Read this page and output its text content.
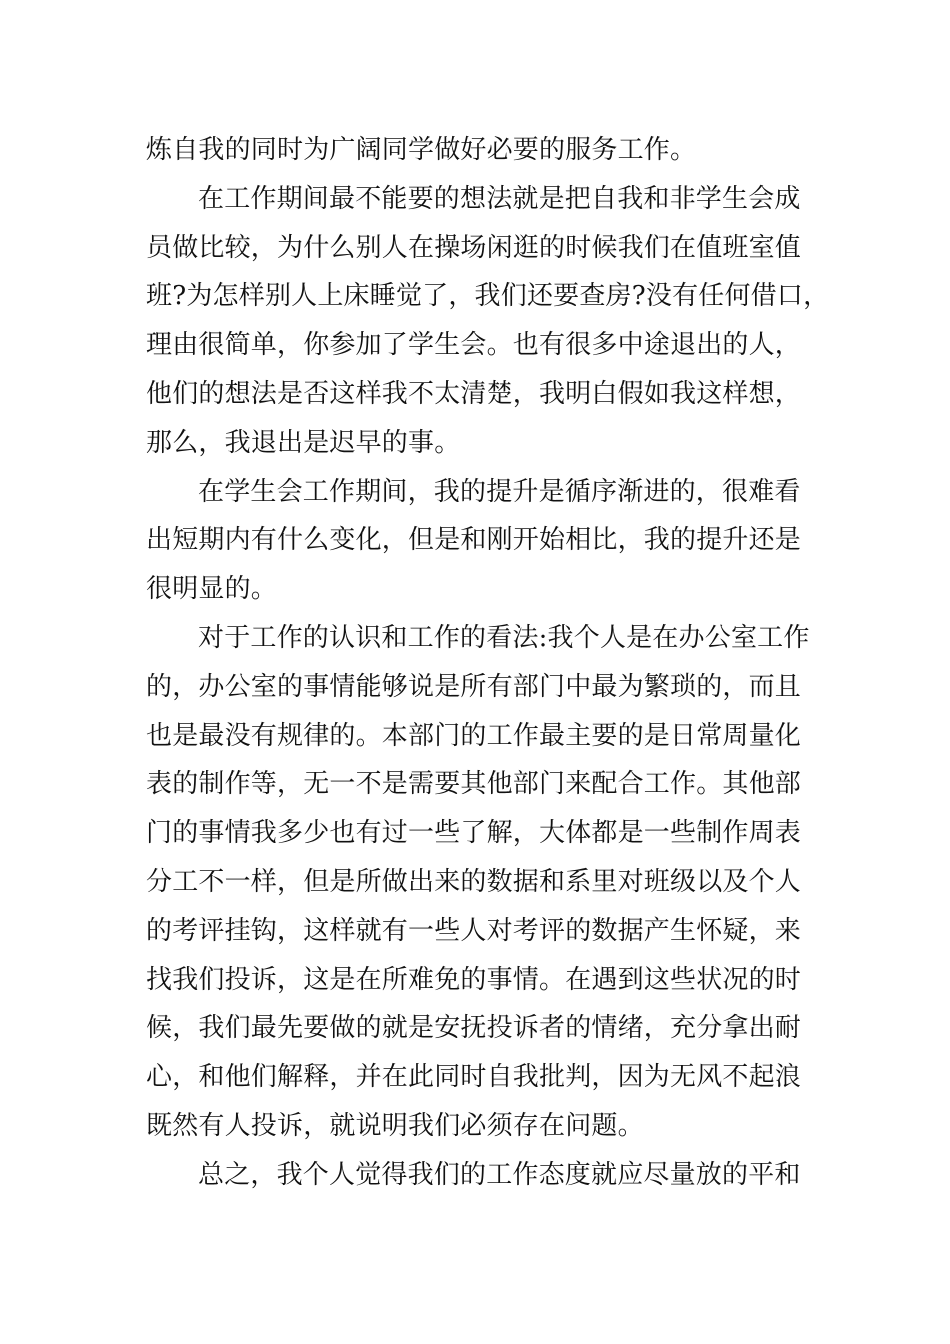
炼自我的同时为广阔同学做好必要的服务工作。
在工作期间最不能要的想法就是把自我和非学生会成
员做比较，为什么别人在操场闲逛的时候我们在值班室值
班?为怎样别人上床睡觉了，我们还要查房?没有任何借口，
理由很简单，你参加了学生会。也有很多中途退出的人，
他们的想法是否这样我不太清楚，我明白假如我这样想，
那么，我退出是迟早的事。
在学生会工作期间，我的提升是循序渐进的，很难看
出短期内有什么变化，但是和刚开始相比，我的提升还是
很明显的。
对于工作的认识和工作的看法:我个人是在办公室工作
的，办公室的事情能够说是所有部门中最为繁琐的，而且
也是最没有规律的。本部门的工作最主要的是日常周量化
表的制作等，无一不是需要其他部门来配合工作。其他部
门的事情我多少也有过一些了解，大体都是一些制作周表
分工不一样，但是所做出来的数据和系里对班级以及个人
的考评挂钩，这样就有一些人对考评的数据产生怀疑，来
找我们投诉，这是在所难免的事情。在遇到这些状况的时
候，我们最先要做的就是安抚投诉者的情绪，充分拿出耐
心，和他们解释，并在此同时自我批判，因为无风不起浪
既然有人投诉，就说明我们必须存在问题。
总之，我个人觉得我们的工作态度就应尽量放的平和
